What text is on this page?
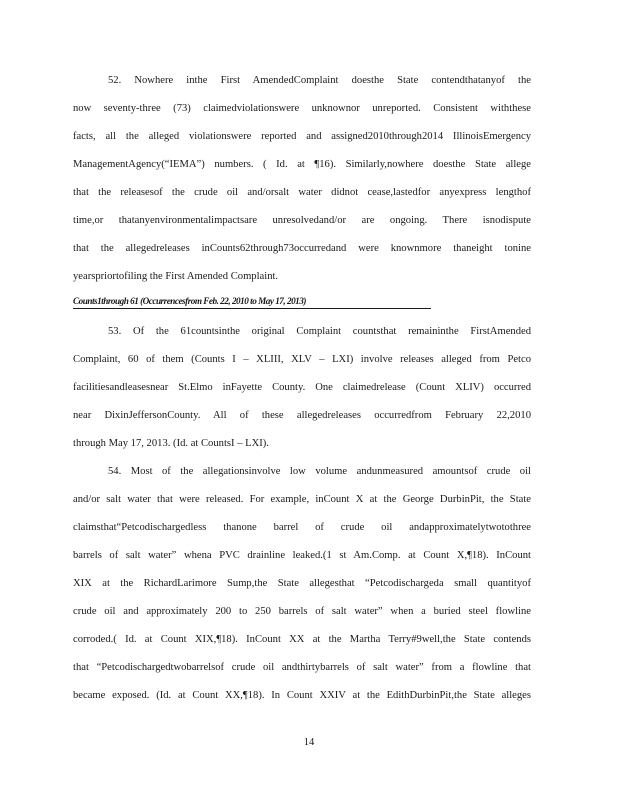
52. Nowhere inthe First AmendedComplaint doesthe State contendthatanyof the
now seventy-three (73) claimedviolationswere unknownor unreported. Consistent withthese
facts, all the alleged violationswere reported and assigned2010through2014 IllinoisEmergency
ManagementAgency(“IEMA”) numbers. ( Id. at ¶16). Similarly,nowhere doesthe State allege
that the releasesof the crude oil and/orsalt water didnot cease,lastedfor anyexpress lengthof
time,or thatanyenvironmentalimpactsare unresolvedand/or are ongoing. There isnodispute
that the allegedreleases inCounts62through73occurredand were knownmore thaneight tonine
yearspriortofiling the First Amended Complaint.
Counts1through 61 (Occurrencesfrom Feb. 22, 2010 to May 17, 2013)
53. Of the 61countsinthe original Complaint countsthat remaininthe FirstAmended
Complaint, 60 of them (Counts I – XLIII, XLV – LXI) involve releases alleged from Petco
facilitiesandleasesnear St.Elmo inFayette County. One claimedrelease (Count XLIV) occurred
near DixinJeffersonCounty. All of these allegedreleases occurredfrom February 22,2010
through May 17, 2013. (Id. at CountsI – LXI).
54. Most of the allegationsinvolve low volume andunmeasured amountsof crude oil
and/or salt water that were released. For example, inCount X at the George DurbinPit, the State
claimsthat“Petcodischargedless thanone barrel of crude oil andapproximatelytwotothree
barrels of salt water” whena PVC drainline leaked.(1 st Am.Comp. at Count X,¶18). InCount
XIX at the RichardLarimore Sump,the State allegesthat “Petcodischargeda small quantityof
crude oil and approximately 200 to 250 barrels of salt water” when a buried steel flowline
corroded.( Id. at Count XIX,¶18). InCount XX at the Martha Terry#9well,the State contends
that “Petcodischargedtwobarrelsof crude oil andthirtybarrels of salt water” from a flowline that
became exposed. (Id. at Count XX,¶18). In Count XXIV at the EdithDurbinPit,the State alleges
14
